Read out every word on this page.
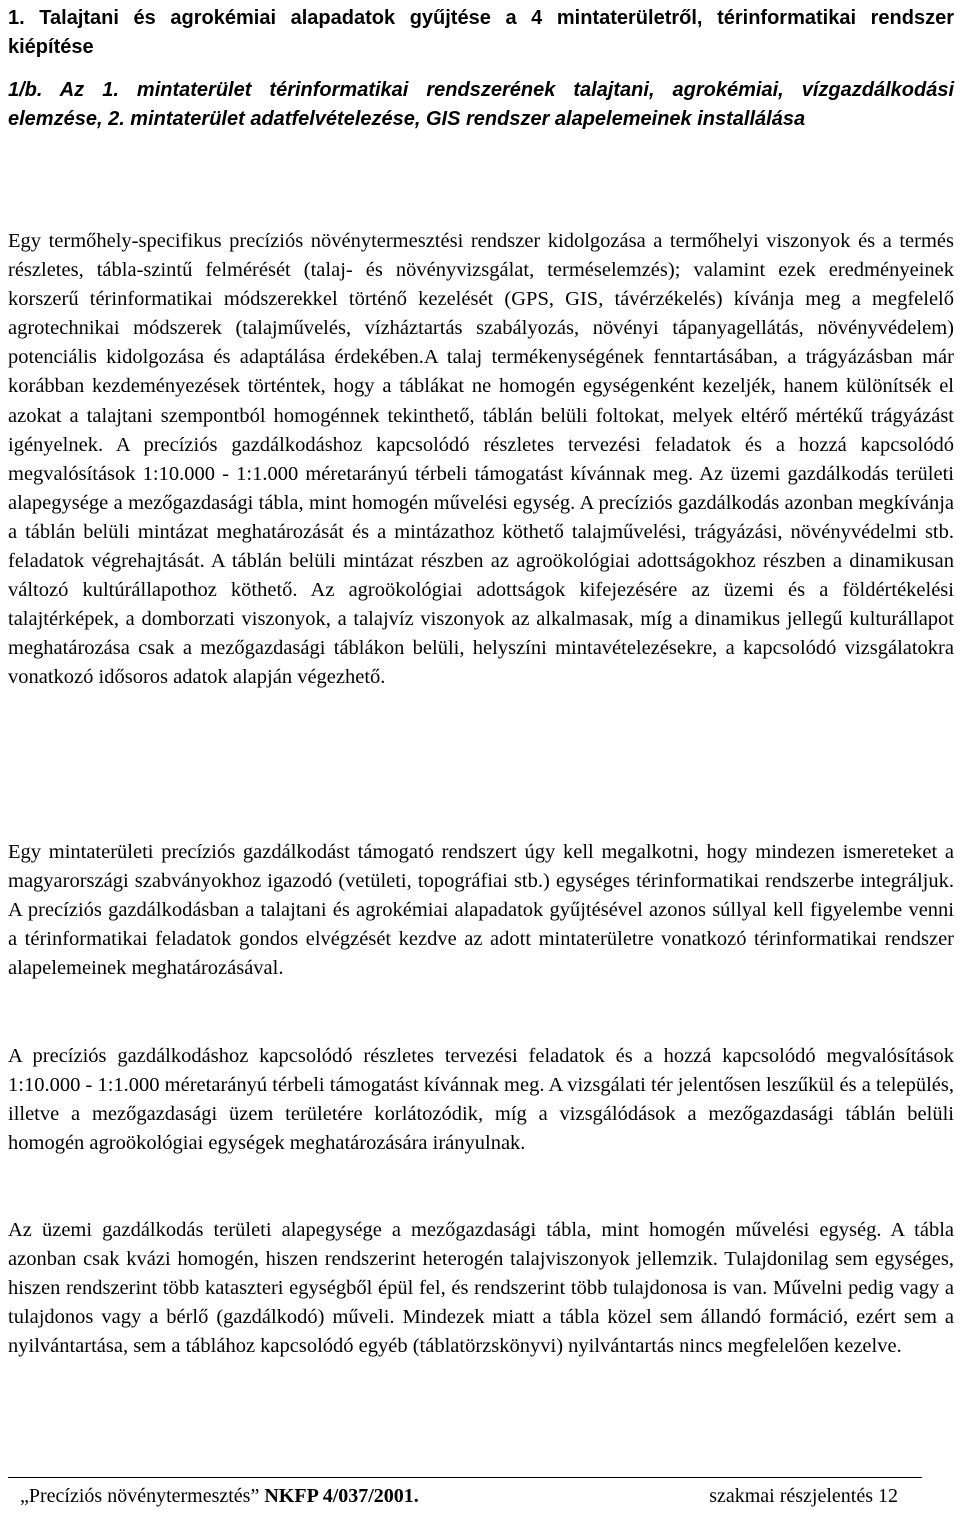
1. Talajtani és agrokémiai alapadatok gyűjtése a 4 mintaterületről, térinformatikai rendszer kiépítése

1/b. Az 1. mintaterület térinformatikai rendszerének talajtani, agrokémiai, vízgazdálkodási elemzése, 2. mintaterület adatfelvételezése, GIS rendszer alapelemeinek installálása

Egy termőhely-specifikus precíziós növénytermesztési rendszer kidolgozása a termőhelyi viszonyok és a termés részletes, tábla-szintű felmérését (talaj- és növényvizsgálat, terméselemzés); valamint ezek eredményeinek korszerű térinformatikai módszerekkel történő kezelését (GPS, GIS, távérzékelés) kívánja meg a megfelelő agrotechnikai módszerek (talajművelés, vízháztartás szabályozás, növényi tápanyagellátás, növényvédelem) potenciális kidolgozása és adaptálása érdekében.A talaj termékenységének fenntartásában, a trágyázásban már korábban kezdeményezések történtek, hogy a táblákat ne homogén egységenként kezeljék, hanem különítsék el azokat a talajtani szempontból homogénnek tekinthető, táblán belüli foltokat, melyek eltérő mértékű trágyázást igényelnek. A precíziós gazdálkodáshoz kapcsolódó részletes tervezési feladatok és a hozzá kapcsolódó megvalósítások 1:10.000 - 1:1.000 méretarányú térbeli támogatást kívánnak meg. Az üzemi gazdálkodás területi alapegysége a mezőgazdasági tábla, mint homogén művelési egység. A precíziós gazdálkodás azonban megkívánja a táblán belüli mintázat meghatározását és a mintázathoz köthető talajművelési, trágyázási, növényvédelmi stb. feladatok végrehajtását. A táblán belüli mintázat részben az agroökológiai adottságokhoz részben a dinamikusan változó kultúrállapothoz köthető. Az agroökológiai adottságok kifejezésére az üzemi és a földértékelési talajtérképek, a domborzati viszonyok, a talajvíz viszonyok az alkalmasak, míg a dinamikus jellegű kulturállapot meghatározása csak a mezőgazdasági táblákon belüli, helyszíni mintavételezésekre, a kapcsolódó vizsgálatokra vonatkozó idősoros adatok alapján végezhető.

Egy mintaterületi precíziós gazdálkodást támogató rendszert úgy kell megalkotni, hogy mindezen ismereteket a magyarországi szabványokhoz igazodó (vetületi, topográfiai stb.) egységes térinformatikai rendszerbe integráljuk. A precíziós gazdálkodásban a talajtani és agrokémiai alapadatok gyűjtésével azonos súllyal kell figyelembe venni a térinformatikai feladatok gondos elvégzését kezdve az adott mintaterületre vonatkozó térinformatikai rendszer alapelemeinek meghatározásával.

A precíziós gazdálkodáshoz kapcsolódó részletes tervezési feladatok és a hozzá kapcsolódó megvalósítások 1:10.000 - 1:1.000 méretarányú térbeli támogatást kívánnak meg. A vizsgálati tér jelentősen leszűkül és a település, illetve a mezőgazdasági üzem területére korlátozódik, míg a vizsgálódások a mezőgazdasági táblán belüli homogén agroökológiai egységek meghatározására irányulnak.

Az üzemi gazdálkodás területi alapegysége a mezőgazdasági tábla, mint homogén művelési egység. A tábla azonban csak kvázi homogén, hiszen rendszerint heterogén talajviszonyok jellemzik. Tulajdonilag sem egységes, hiszen rendszerint több kataszteri egységből épül fel, és rendszerint több tulajdonosa is van. Művelni pedig vagy a tulajdonos vagy a bérlő (gazdálkodó) műveli. Mindezek miatt a tábla közel sem állandó formáció, ezért sem a nyilvántartása, sem a táblához kapcsolódó egyéb (táblatörzskönyvi) nyilvántartás nincs megfelelően kezelve.

„Precíziós növénytermesztés” NKFP 4/037/2001.	szakmai részjelentés 12
